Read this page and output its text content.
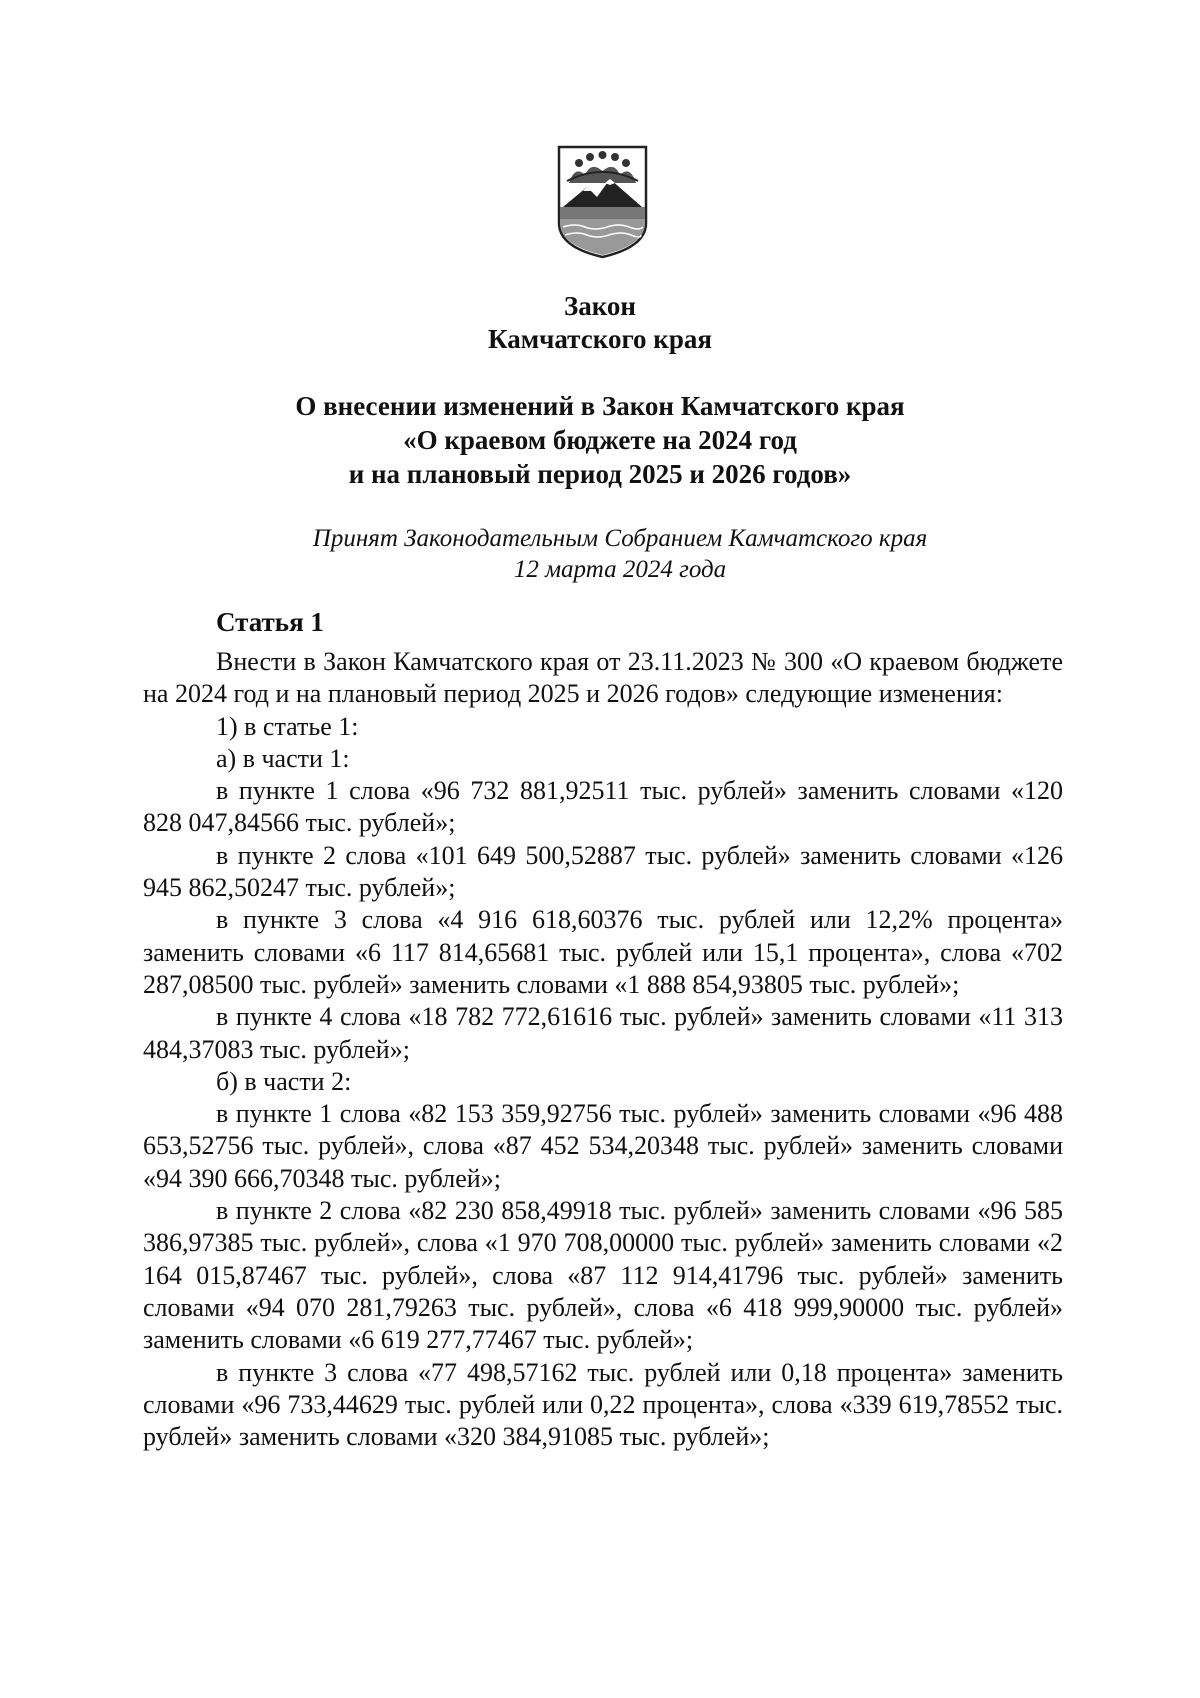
Закон
Камчатского края
О внесении изменений в Закон Камчатского края
«О краевом бюджете на 2024 год
и на плановый период 2025 и 2026 годов»
Принят Законодательным Собранием Камчатского края
12 марта 2024 года
Статья 1

Внести в Закон Камчатского края от 23.11.2023 № 300 «О краевом бюджете на 2024 год и на плановый период 2025 и 2026 годов» следующие изменения:

1) в статье 1:

а) в части 1:

в пункте 1 слова «96 732 881,92511 тыс. рублей» заменить словами «120 828 047,84566 тыс. рублей»;

в пункте 2 слова «101 649 500,52887 тыс. рублей» заменить словами «126 945 862,50247 тыс. рублей»;

в пункте 3 слова «4 916 618,60376 тыс. рублей или 12,2% процента» заменить словами «6 117 814,65681 тыс. рублей или 15,1 процента», слова «702 287,08500 тыс. рублей» заменить словами «1 888 854,93805 тыс. рублей»;

в пункте 4 слова «18 782 772,61616 тыс. рублей» заменить словами «11 313 484,37083 тыс. рублей»;

б) в части 2:

в пункте 1 слова «82 153 359,92756 тыс. рублей» заменить словами «96 488 653,52756 тыс. рублей», слова «87 452 534,20348 тыс. рублей» заменить словами «94 390 666,70348 тыс. рублей»;

в пункте 2 слова «82 230 858,49918 тыс. рублей» заменить словами «96 585 386,97385 тыс. рублей», слова «1 970 708,00000 тыс. рублей» заменить словами «2 164 015,87467 тыс. рублей», слова «87 112 914,41796 тыс. рублей» заменить словами «94 070 281,79263 тыс. рублей», слова «6 418 999,90000 тыс. рублей» заменить словами «6 619 277,77467 тыс. рублей»;

в пункте 3 слова «77 498,57162 тыс. рублей или 0,18 процента» заменить словами «96 733,44629 тыс. рублей или 0,22 процента», слова «339 619,78552 тыс. рублей» заменить словами «320 384,91085 тыс. рублей»;
